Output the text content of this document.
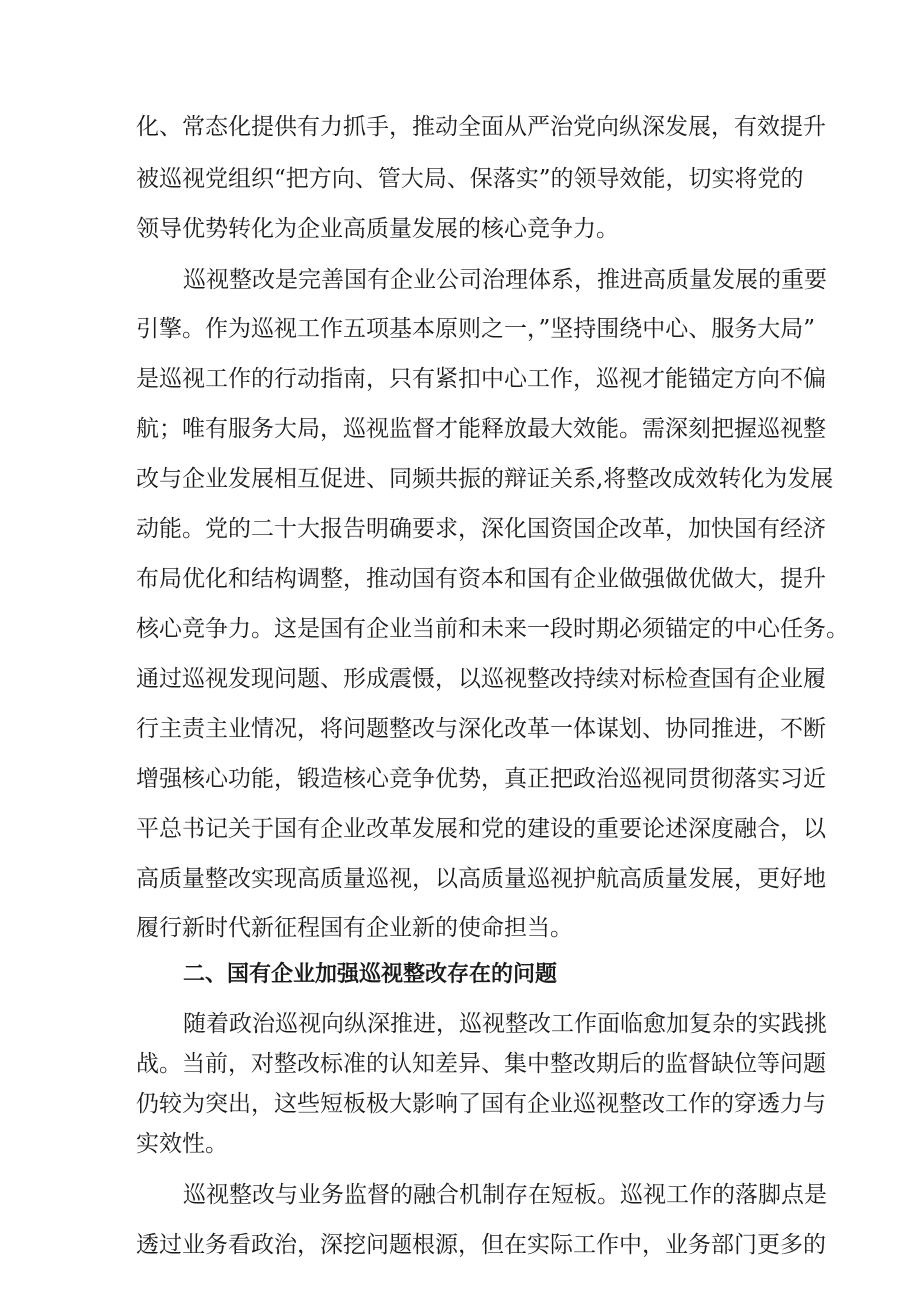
化、常态化提供有力抓手，推动全面从严治党向纵深发展，有效提升
被巡视党组织“把方向、管大局、保落实”的领导效能，切实将党的
领导优势转化为企业高质量发展的核心竞争力。
巡视整改是完善国有企业公司治理体系，推进高质量发展的重要
引擎。作为巡视工作五项基本原则之一，”坚持围绕中心、服务大局”
是巡视工作的行动指南，只有紧扣中心工作，巡视才能锚定方向不偏
航；唯有服务大局，巡视监督才能释放最大效能。需深刻把握巡视整
改与企业发展相互促进、同频共振的辩证关系,将整改成效转化为发展
动能。党的二十大报告明确要求，深化国资国企改革，加快国有经济
布局优化和结构调整，推动国有资本和国有企业做强做优做大，提升
核心竞争力。这是国有企业当前和未来一段时期必须锚定的中心任务。
通过巡视发现问题、形成震慑，以巡视整改持续对标检查国有企业履
行主责主业情况，将问题整改与深化改革一体谋划、协同推进，不断
增强核心功能，锻造核心竞争优势，真正把政治巡视同贯彻落实习近
平总书记关于国有企业改革发展和党的建设的重要论述深度融合，以
高质量整改实现高质量巡视，以高质量巡视护航高质量发展，更好地
履行新时代新征程国有企业新的使命担当。
二、国有企业加强巡视整改存在的问题
随着政治巡视向纵深推进，巡视整改工作面临愈加复杂的实践挑
战。当前，对整改标准的认知差异、集中整改期后的监督缺位等问题
仍较为突出，这些短板极大影响了国有企业巡视整改工作的穿透力与
实效性。
巡视整改与业务监督的融合机制存在短板。巡视工作的落脚点是
透过业务看政治，深挖问题根源，但在实际工作中，业务部门更多的
